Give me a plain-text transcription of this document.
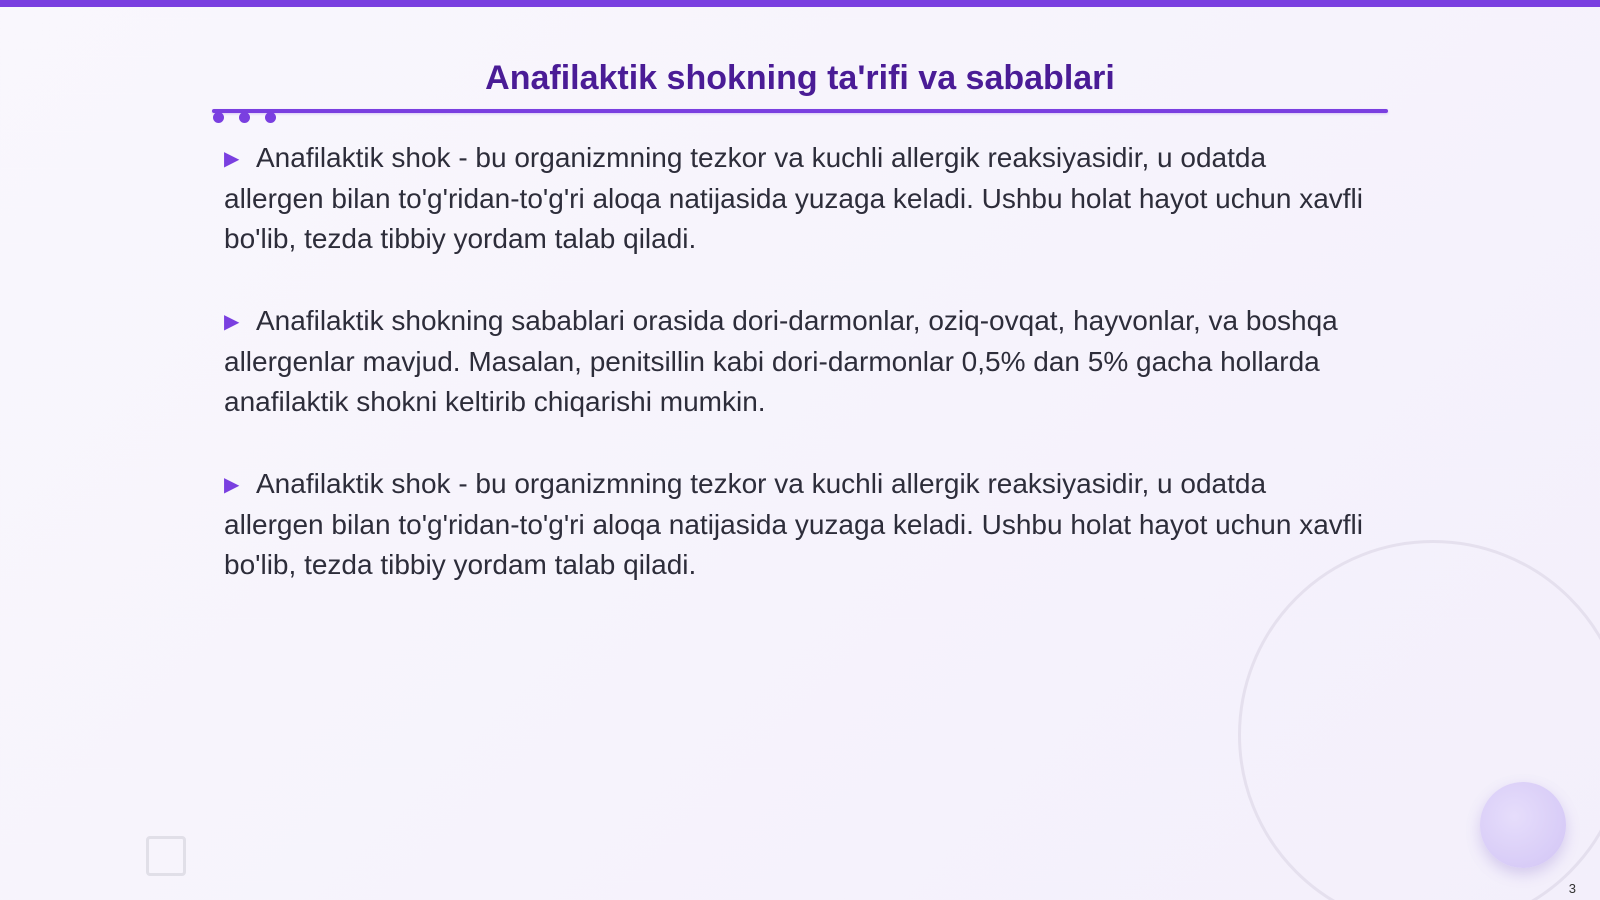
Anafilaktik shokning ta'rifi va sabablari
▶ Anafilaktik shok - bu organizmning tezkor va kuchli allergik reaksiyasidir, u odatda allergen bilan to'g'ridan-to'g'ri aloqa natijasida yuzaga keladi. Ushbu holat hayot uchun xavfli bo'lib, tezda tibbiy yordam talab qiladi.
▶ Anafilaktik shokning sabablari orasida dori-darmonlar, oziq-ovqat, hayvonlar, va boshqa allergenlar mavjud. Masalan, penitsillin kabi dori-darmonlar 0,5% dan 5% gacha hollarda anafilaktik shokni keltirib chiqarishi mumkin.
▶ Anafilaktik shok - bu organizmning tezkor va kuchli allergik reaksiyasidir, u odatda allergen bilan to'g'ridan-to'g'ri aloqa natijasida yuzaga keladi. Ushbu holat hayot uchun xavfli bo'lib, tezda tibbiy yordam talab qiladi.
3
